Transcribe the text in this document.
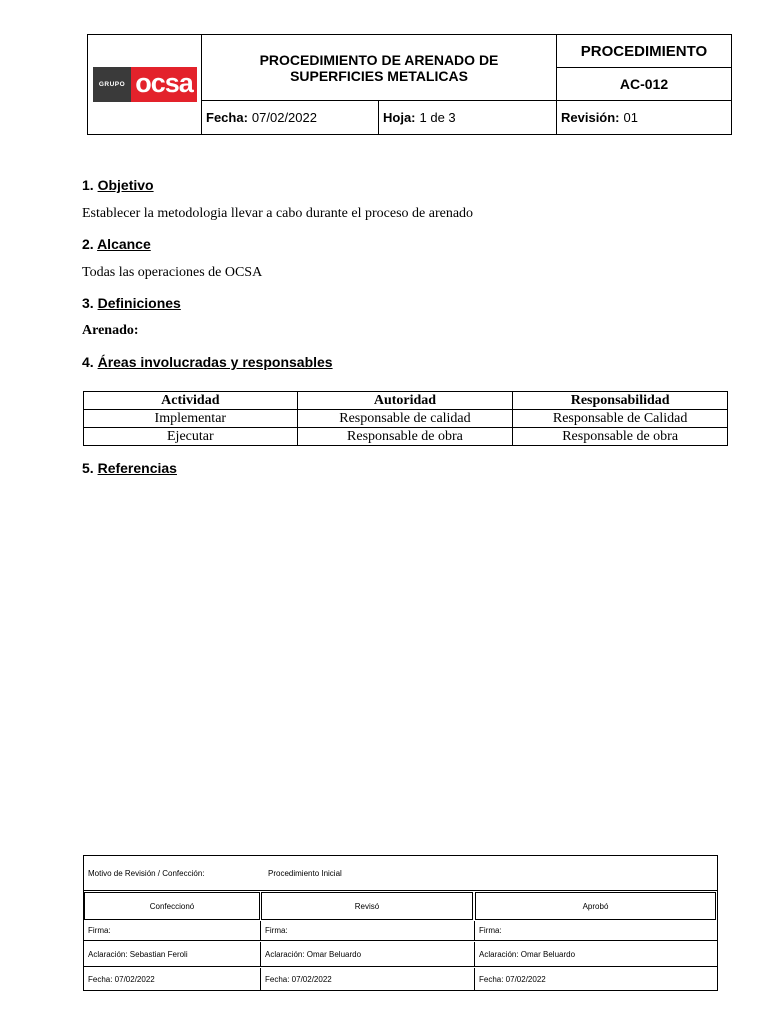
GRUPO ocsa
PROCEDIMIENTO DE ARENADO DE SUPERFICIES METALICAS
PROCEDIMIENTO
AC-012
Fecha: 07/02/2022	Hoja: 1 de 3	Revisión: 01
1. Objetivo
Establecer la metodologia llevar a cabo durante el proceso de arenado
2. Alcance
Todas las operaciones de OCSA
3. Definiciones
Arenado:
4. Áreas involucradas y responsables
Actividad	Autoridad	Responsabilidad
Implementar	Responsable de calidad	Responsable de Calidad
Ejecutar	Responsable de obra	Responsable de obra
5. Referencias
Motivo de Revisión / Confección:	Procedimiento Inicial
Confeccionó	Revisó	Aprobó
Firma:	Firma:	Firma:
Aclaración: Sebastian Feroli	Aclaración: Omar Beluardo	Aclaración: Omar Beluardo
Fecha: 07/02/2022	Fecha: 07/02/2022	Fecha: 07/02/2022
